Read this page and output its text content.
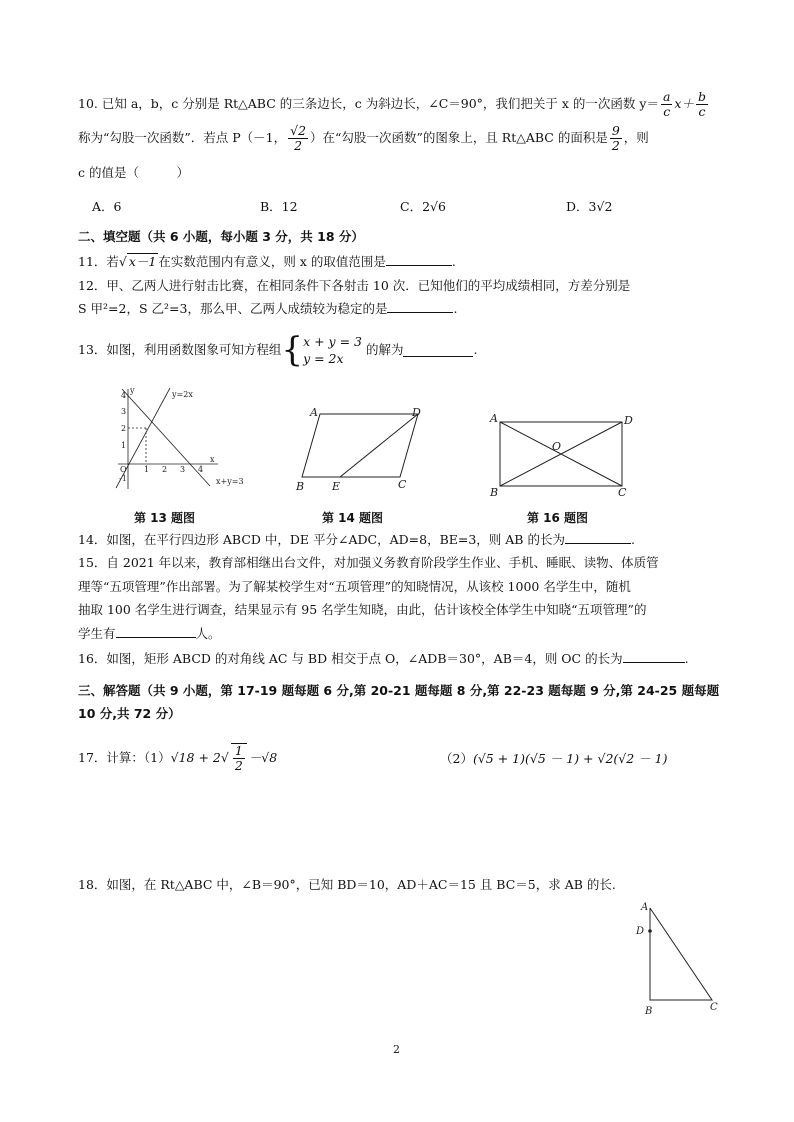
10. 已知 a，b，c 分别是 Rt△ABC 的三条边长，c 为斜边长，∠C＝90°，我们把关于 x 的一次函数 $y= \frac{a}{c} x+ \frac{b}{c}$
称为“勾股一次函数”．若点 P（－1， $\frac{√2}{2}$ ）在“勾股一次函数”的图象上，且 Rt△ABC 的面积是 $\frac{9}{2}$ ，则
c 的值是（　　　）
A．6	B．12	C．2√6	D．3√2
二、填空题（共 6 小题，每小题 3 分，共 18 分）
11．若√ x－1 在实数范围内有意义，则 x 的取值范围是	.
12．甲、乙两人进行射击比赛，在相同条件下各射击 10 次．已知他们的平均成绩相同，方差分别是
S 甲²=2，S 乙²=3，那么甲、乙两人成绩较为稳定的是	.
13．如图，利用函数图象可知方程组 { x + y = 3
y = 2x
的解为	.
y
x
y=2x
x+y=3
O 1 2 3 4
1
2
3
4
-1
第 13 题图
A	D
B	E	C
第 14 题图
A	D
B	C
O
第 16 题图
14．如图，在平行四边形 ABCD 中，DE 平分∠ADC，AD=8，BE=3，则 AB 的长为	.
15．自 2021 年以来，教育部相继出台文件，对加强义务教育阶段学生作业、手机、睡眠、读物、体质管
理等“五项管理”作出部署。为了解某校学生对“五项管理”的知晓情况，从该校 1000 名学生中，随机
抽取 100 名学生进行调查，结果显示有 95 名学生知晓，由此，估计该校全体学生中知晓“五项管理”的
学生有	人。
16．如图，矩形 ABCD 的对角线 AC 与 BD 相交于点 O，∠ADB＝30°，AB＝4，则 OC 的长为	.
三、解答题（共 9 小题，第 17-19 题每题 6 分,第 20-21 题每题 8 分,第 22-23 题每题 9 分,第 24-25 题每题
10 分,共 72 分）
17．计算：（1） √18 + 2 √ $\frac{1}{2} -√8$	（2）(√5 + 1)(√5 － 1) + √2(√2 － 1)
18．如图，在 Rt△ABC 中，∠B＝90°，已知 BD＝10，AD＋AC＝15 且 BC＝5，求 AB 的长.
A
D
B	C
2
